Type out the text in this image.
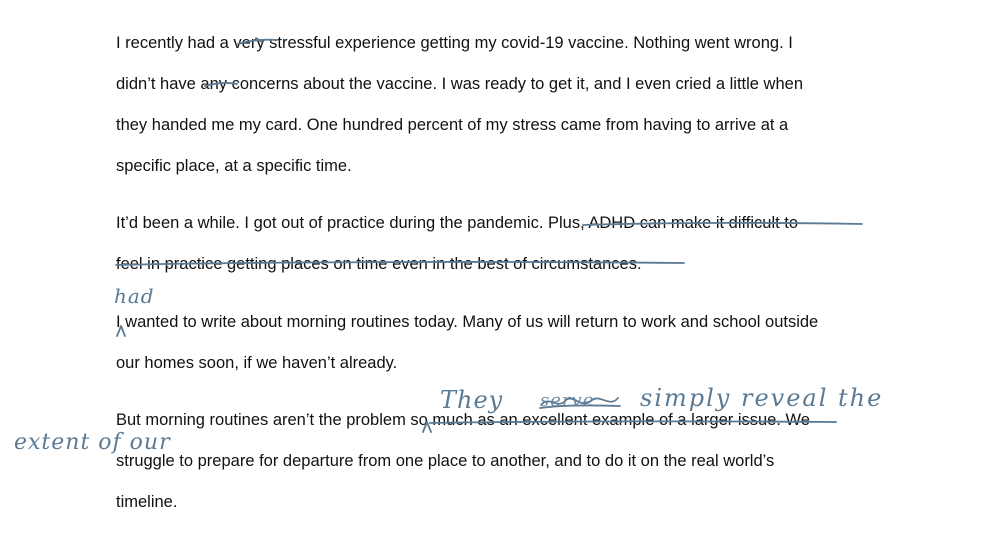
I recently had a very stressful experience getting my covid-19 vaccine. Nothing went wrong. I
didn’t have any concerns about the vaccine. I was ready to get it, and I even cried a little when
they handed me my card. One hundred percent of my stress came from having to arrive at a
specific place, at a specific time.
It’d been a while. I got out of practice during the pandemic. Plus, ADHD can make it difficult to
feel in practice getting places on time even in the best of circumstances.
I wanted to write about morning routines today. Many of us will return to work and school outside
our homes soon, if we haven’t already.
But morning routines aren’t the problem so much as an excellent example of a larger issue. We
struggle to prepare for departure from one place to another, and to do it on the real world’s
timeline.
had
They serve simply reveal the
extent of our
